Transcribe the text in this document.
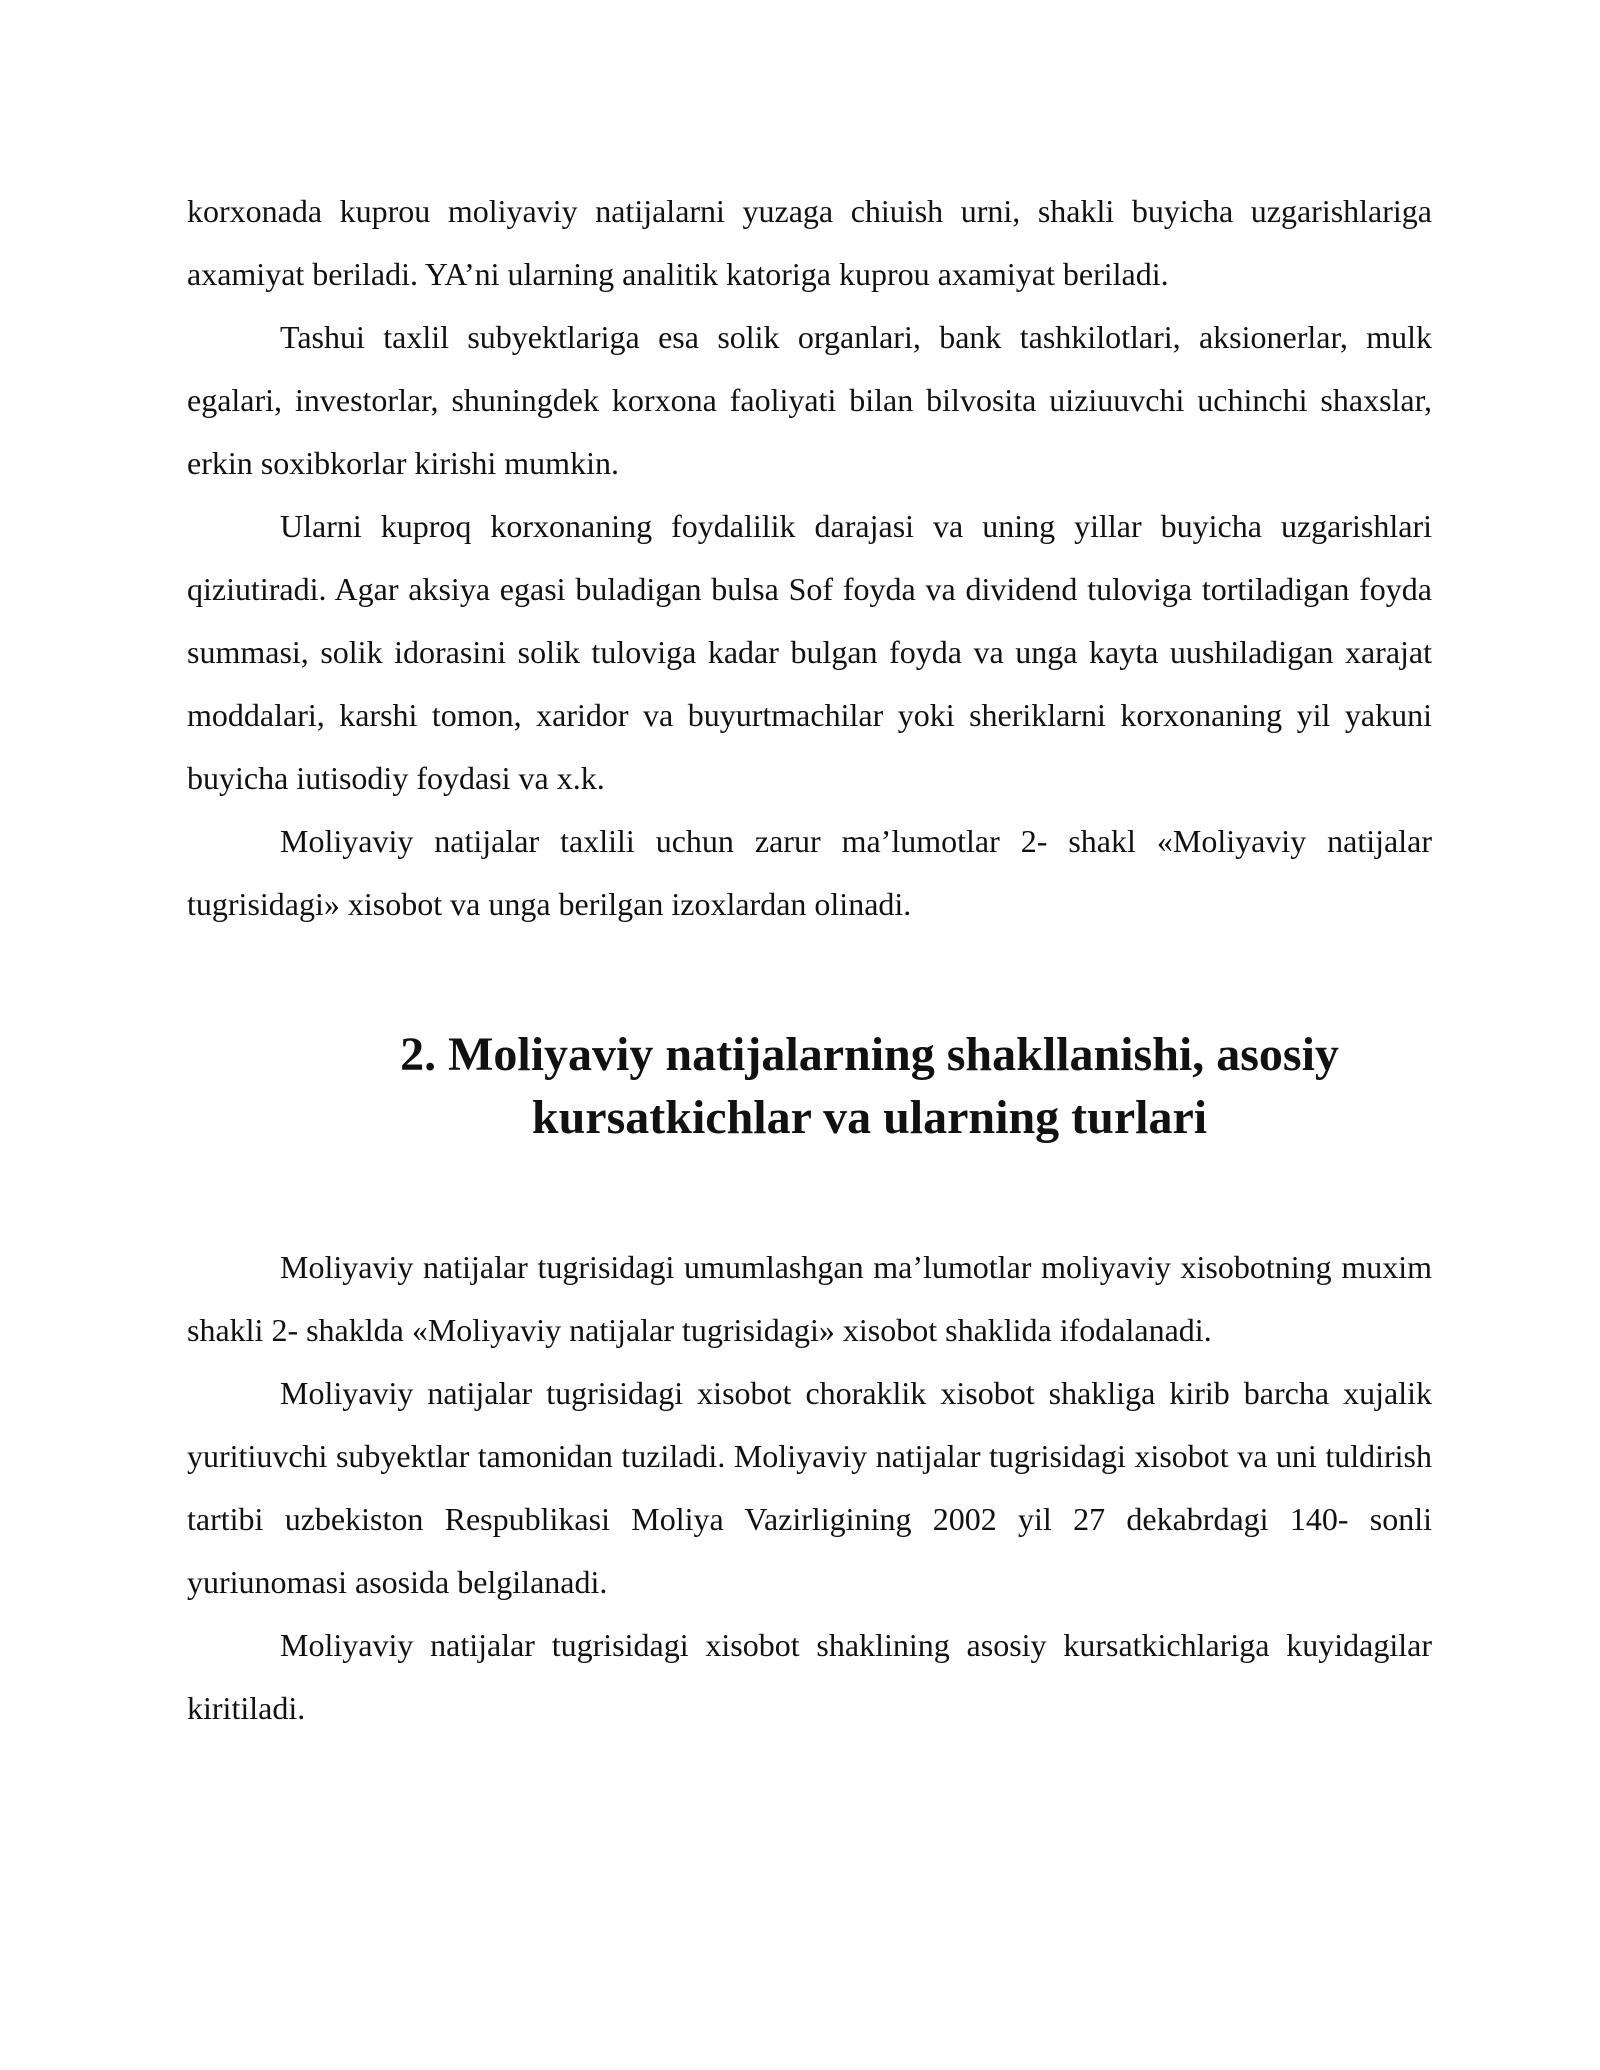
korxonada kuprou moliyaviy natijalarni yuzaga chiuish urni, shakli buyicha uzgarishlariga axamiyat beriladi. YA’ni ularning analitik katoriga kuprou axamiyat beriladi.

Tashui taxlil subyektlariga esa solik organlari, bank tashkilotlari, aksionerlar, mulk egalari, investorlar, shuningdek korxona faoliyati bilan bilvosita uiziuuvchi uchinchi shaxslar, erkin soxibkorlar kirishi mumkin.

Ularni kuproq korxonaning foydalilik darajasi va uning yillar buyicha uzgarishlari qiziutiradi. Agar aksiya egasi buladigan bulsa Sof foyda va dividend tuloviga tortiladigan foyda summasi, solik idorasini solik tuloviga kadar bulgan foyda va unga kayta uushiladigan xarajat moddalari, karshi tomon, xaridor va buyurtmachilar yoki sheriklarni korxonaning yil yakuni buyicha iutisodiy foydasi va x.k.

Moliyaviy natijalar taxlili uchun zarur ma’lumotlar 2- shakl «Moliyaviy natijalar tugrisidagi» xisobot va unga berilgan izoxlardan olinadi.

2. Moliyaviy natijalarning shakllanishi, asosiy kursatkichlar va ularning turlari

Moliyaviy natijalar tugrisidagi umumlashgan ma’lumotlar moliyaviy xisobotning muxim shakli 2- shaklda «Moliyaviy natijalar tugrisidagi» xisobot shaklida ifodalanadi.

Moliyaviy natijalar tugrisidagi xisobot choraklik xisobot shakliga kirib barcha xujalik yuritiuvchi subyektlar tamonidan tuziladi. Moliyaviy natijalar tugrisidagi xisobot va uni tuldirish tartibi uzbekiston Respublikasi Moliya Vazirligining 2002 yil 27 dekabrdagi 140- sonli yuriunomasi asosida belgilanadi.

Moliyaviy natijalar tugrisidagi xisobot shaklining asosiy kursatkichlariga kuyidagilar kiritiladi.
